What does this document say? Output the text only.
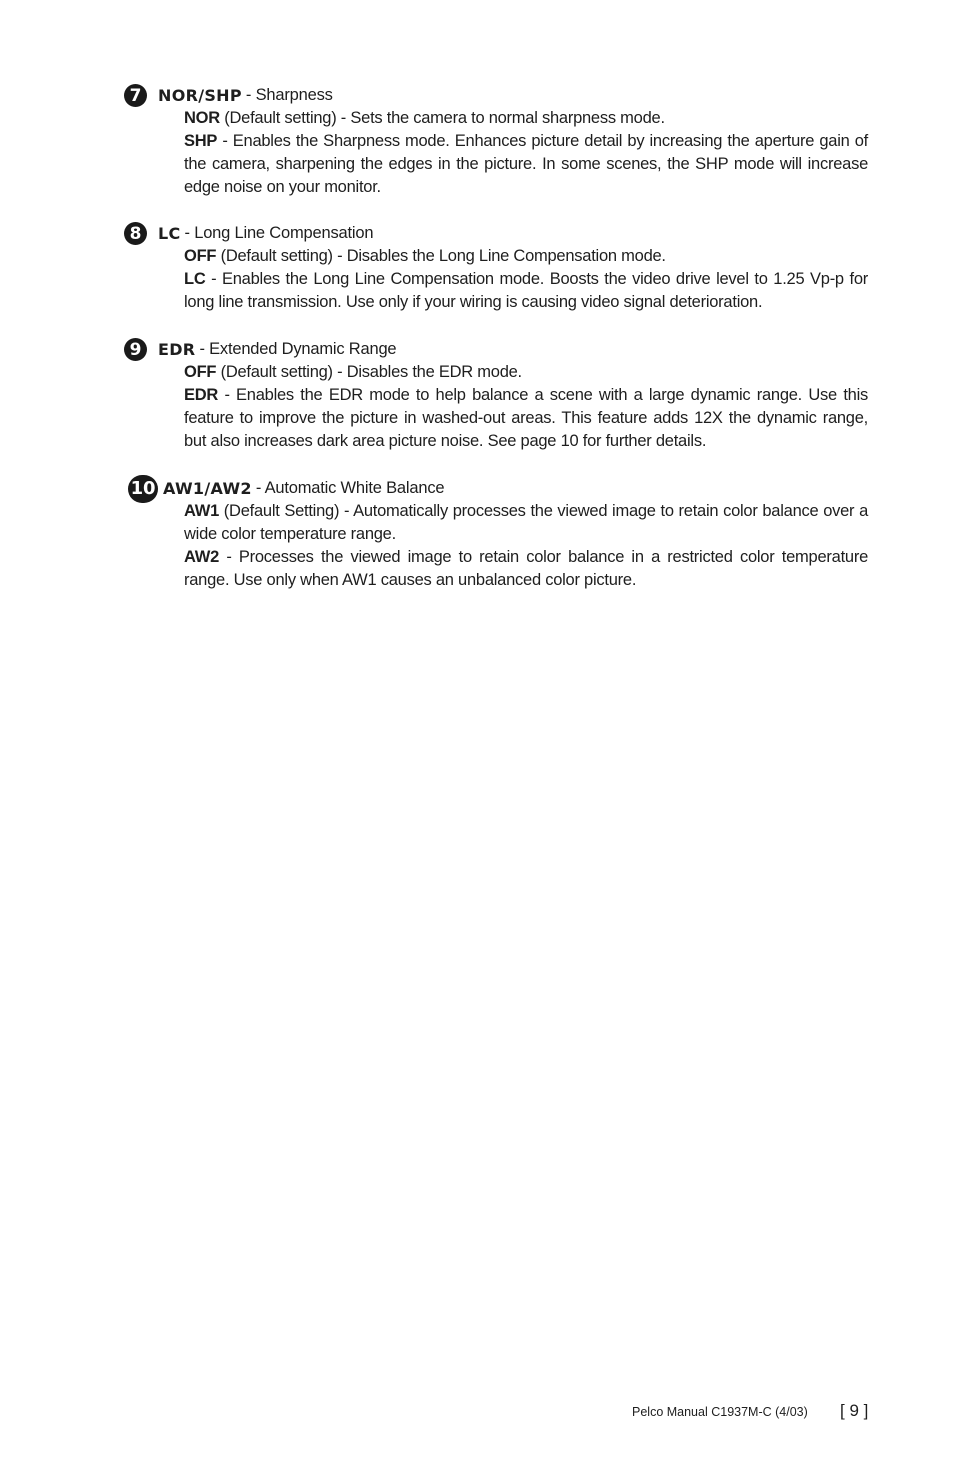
7	NOR/SHP - Sharpness
NOR (Default setting) - Sets the camera to normal sharpness mode.
SHP - Enables the Sharpness mode. Enhances picture detail by increasing the aperture gain of the camera, sharpening the edges in the picture. In some scenes, the SHP mode will increase edge noise on your monitor.
8	LC - Long Line Compensation
OFF (Default setting) - Disables the Long Line Compensation mode.
LC - Enables the Long Line Compensation mode. Boosts the video drive level to 1.25 Vp-p for long line transmission. Use only if your wiring is causing video signal deterioration.
9	EDR - Extended Dynamic Range
OFF (Default setting) - Disables the EDR mode.
EDR - Enables the EDR mode to help balance a scene with a large dynamic range. Use this feature to improve the picture in washed-out areas. This feature adds 12X the dynamic range, but also increases dark area picture noise. See page 10 for further details.
10 AW1/AW2 - Automatic White Balance
AW1 (Default Setting) - Automatically processes the viewed image to retain color balance over a wide color temperature range.
AW2 - Processes the viewed image to retain color balance in a restricted color temperature range. Use only when AW1 causes an unbalanced color picture.
Pelco Manual C1937M-C (4/03) [ 9 ]
